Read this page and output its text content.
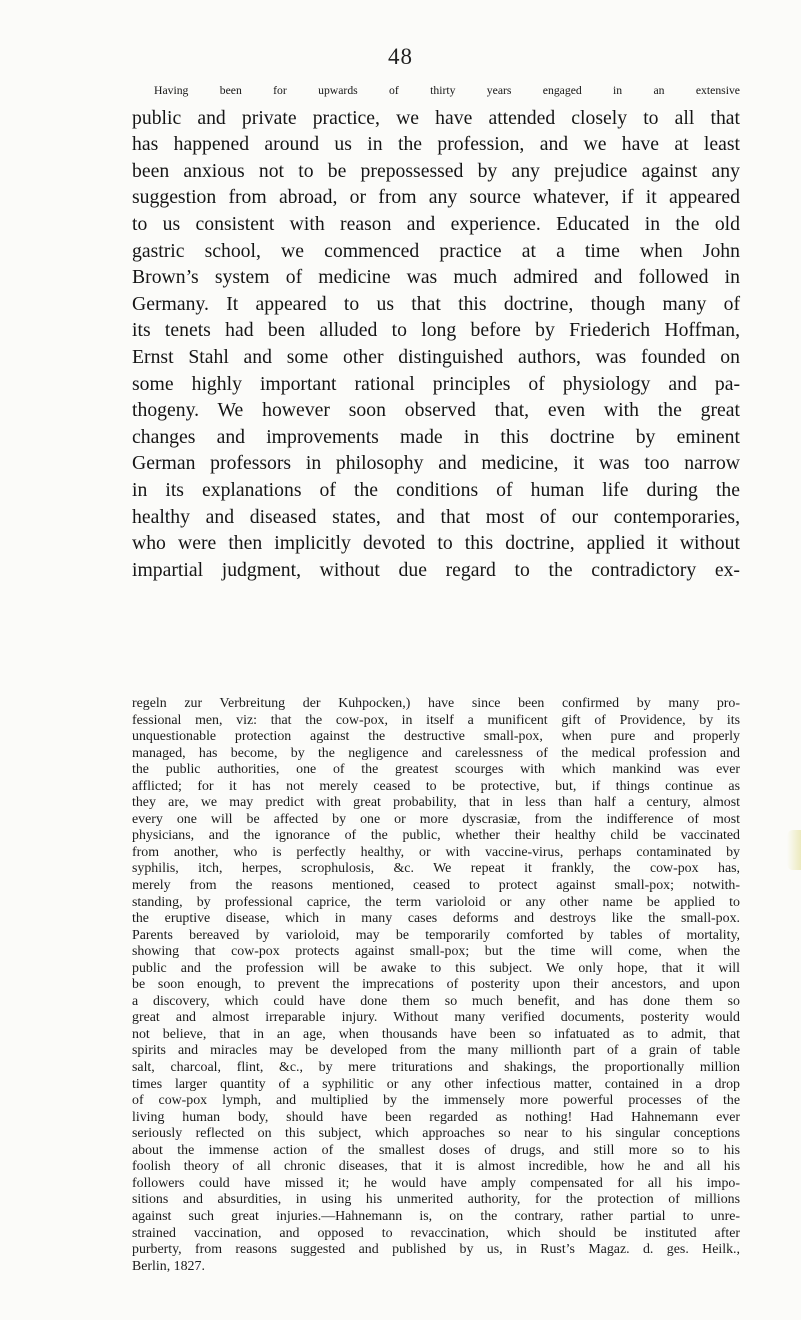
48
Having been for upwards of thirty years engaged in an extensive
public and private practice, we have attended closely to all that
has happened around us in the profession, and we have at least
been anxious not to be prepossessed by any prejudice against any
suggestion from abroad, or from any source whatever, if it appeared
to us consistent with reason and experience. Educated in the old
gastric school, we commenced practice at a time when John
Brown’s system of medicine was much admired and followed in
Germany. It appeared to us that this doctrine, though many of
its tenets had been alluded to long before by Friederich Hoffman,
Ernst Stahl and some other distinguished authors, was founded on
some highly important rational principles of physiology and pa-
thogeny. We however soon observed that, even with the great
changes and improvements made in this doctrine by eminent
German professors in philosophy and medicine, it was too narrow
in its explanations of the conditions of human life during the
healthy and diseased states, and that most of our contemporaries,
who were then implicitly devoted to this doctrine, applied it without
impartial judgment, without due regard to the contradictory ex-
regeln zur Verbreitung der Kuhpocken,) have since been confirmed by many pro-
fessional men, viz: that the cow-pox, in itself a munificent gift of Providence, by its
unquestionable protection against the destructive small-pox, when pure and properly
managed, has become, by the negligence and carelessness of the medical profession and
the public authorities, one of the greatest scourges with which mankind was ever
afflicted; for it has not merely ceased to be protective, but, if things continue as
they are, we may predict with great probability, that in less than half a century, almost
every one will be affected by one or more dyscrasiæ, from the indifference of most
physicians, and the ignorance of the public, whether their healthy child be vaccinated
from another, who is perfectly healthy, or with vaccine-virus, perhaps contaminated by
syphilis, itch, herpes, scrophulosis, &c. We repeat it frankly, the cow-pox has,
merely from the reasons mentioned, ceased to protect against small-pox; notwith-
standing, by professional caprice, the term varioloid or any other name be applied to
the eruptive disease, which in many cases deforms and destroys like the small-pox.
Parents bereaved by varioloid, may be temporarily comforted by tables of mortality,
showing that cow-pox protects against small-pox; but the time will come, when the
public and the profession will be awake to this subject. We only hope, that it will
be soon enough, to prevent the imprecations of posterity upon their ancestors, and upon
a discovery, which could have done them so much benefit, and has done them so
great and almost irreparable injury. Without many verified documents, posterity would
not believe, that in an age, when thousands have been so infatuated as to admit, that
spirits and miracles may be developed from the many millionth part of a grain of table
salt, charcoal, flint, &c., by mere triturations and shakings, the proportionally million
times larger quantity of a syphilitic or any other infectious matter, contained in a drop
of cow-pox lymph, and multiplied by the immensely more powerful processes of the
living human body, should have been regarded as nothing! Had Hahnemann ever
seriously reflected on this subject, which approaches so near to his singular conceptions
about the immense action of the smallest doses of drugs, and still more so to his
foolish theory of all chronic diseases, that it is almost incredible, how he and all his
followers could have missed it; he would have amply compensated for all his impo-
sitions and absurdities, in using his unmerited authority, for the protection of millions
against such great injuries.—Hahnemann is, on the contrary, rather partial to unre-
strained vaccination, and opposed to revaccination, which should be instituted after
purberty, from reasons suggested and published by us, in Rust’s Magaz. d. ges. Heilk.,
Berlin, 1827.
